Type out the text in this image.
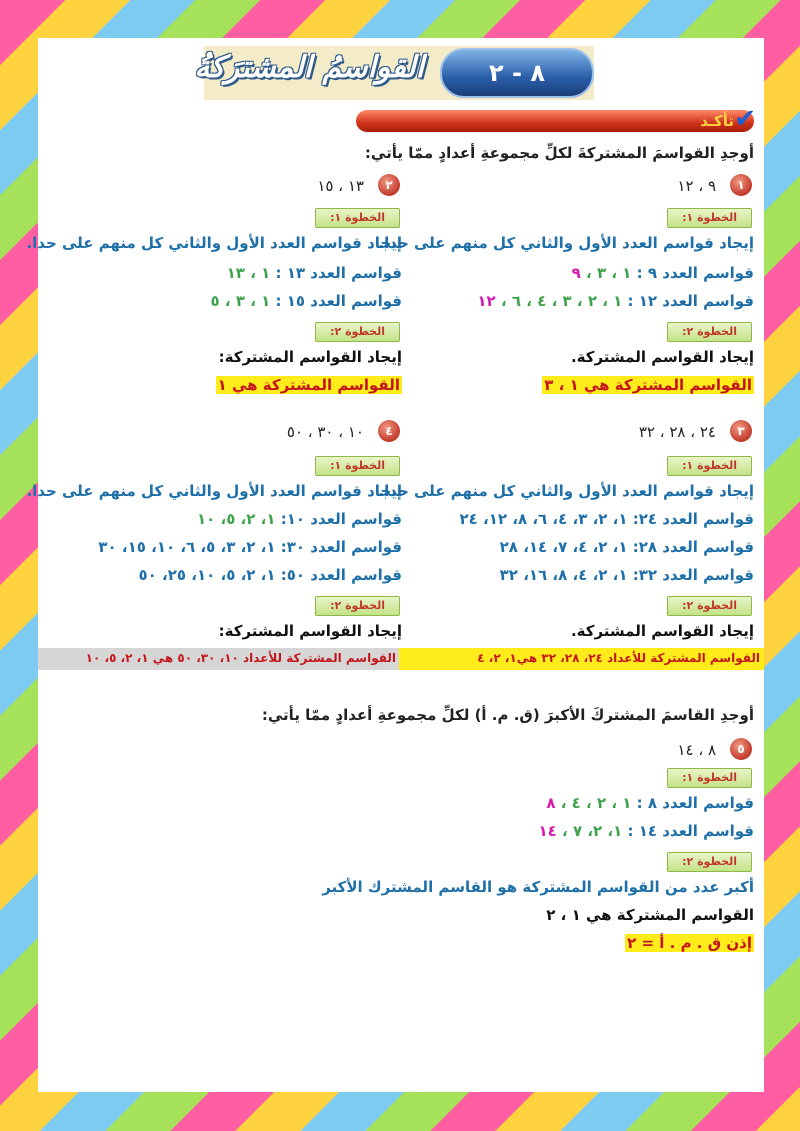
٨ - ٢
القواسمُ المشترَكةُ
تأكـد ✔
أوجدِ القواسمَ المشتركةَ لكلِّ مجموعةِ أعدادٍ ممّا يأتي:
١
٩ ، ١٢
الخطوة ١:
إيجاد قواسم العدد الأول والثاني كل منهم على حدا.
قواسم العدد ٩ : ١ ، ٣ ، ٩
قواسم العدد ١٢ : ١ ، ٢ ، ٣ ، ٤ ، ٦ ، ١٢
الخطوة ٢:
إيجاد القواسم المشتركة.
القواسم المشتركة هي ١ ، ٣
٢
١٣ ، ١٥
الخطوة ١:
إيجاد قواسم العدد الأول والثاني كل منهم على حدا.
قواسم العدد ١٣ : ١ ، ١٣
قواسم العدد ١٥ : ١ ، ٣ ، ٥
الخطوة ٢:
إيجاد القواسم المشتركة:
القواسم المشتركة هي ١
٣
٢٤ ، ٢٨ ، ٣٢
الخطوة ١:
إيجاد قواسم العدد الأول والثاني كل منهم على حدا.
قواسم العدد ٢٤: ١، ٢، ٣، ٤، ٦، ٨، ١٢، ٢٤
قواسم العدد ٢٨: ١، ٢، ٤، ٧، ١٤، ٢٨
قواسم العدد ٣٢: ١، ٢، ٤، ٨، ١٦، ٣٢
الخطوة ٢:
إيجاد القواسم المشتركة.
٤
١٠ ، ٣٠ ، ٥٠
الخطوة ١:
إيجاد قواسم العدد الأول والثاني كل منهم على حدا.
قواسم العدد ١٠: ١، ٢، ٥، ١٠
قواسم العدد ٣٠: ١، ٢، ٣، ٥، ٦، ١٠، ١٥، ٣٠
قواسم العدد ٥٠: ١، ٢، ٥، ١٠، ٢٥، ٥٠
الخطوة ٢:
إيجاد القواسم المشتركة:
القواسم المشتركة للأعداد ٢٤، ٢٨، ٣٢ هي١، ٢، ٤
القواسم المشتركة للأعداد ١٠، ٣٠، ٥٠ هي ١، ٢، ٥، ١٠
أوجدِ القاسمَ المشتركَ الأكبرَ (ق. م. أ) لكلِّ مجموعةِ أعدادٍ ممّا يأتي:
٥
٨ ، ١٤
الخطوة ١:
قواسم العدد ٨ : ١ ، ٢ ، ٤ ، ٨
قواسم العدد ١٤ : ١، ٢، ٧ ، ١٤
الخطوة ٢:
أكبر عدد من القواسم المشتركة هو القاسم المشترك الأكبر
القواسم المشتركة هي ١ ، ٢
إذن ق . م . أ = ٢
